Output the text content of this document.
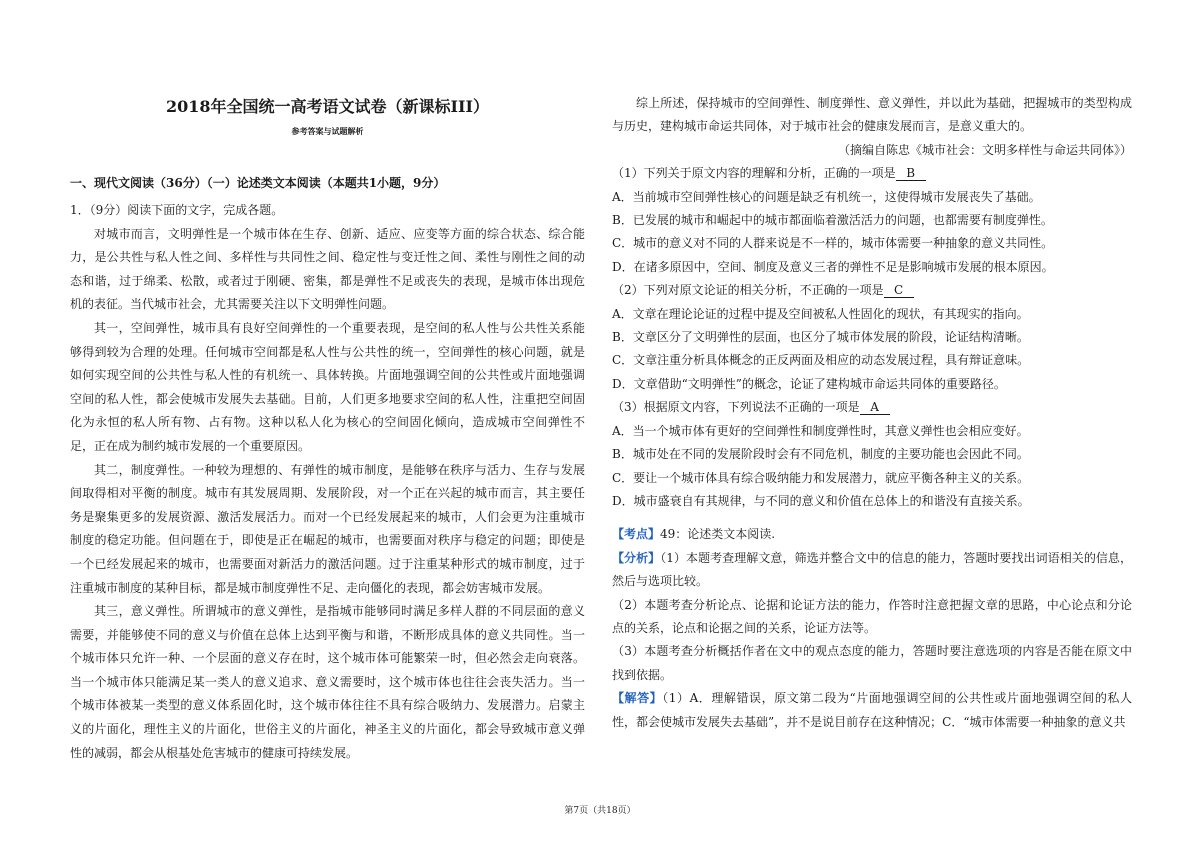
2018年全国统一高考语文试卷（新课标III）
参考答案与试题解析
一、现代文阅读（36分）（一）论述类文本阅读（本题共1小题，9分）

1．（9分）阅读下面的文字，完成各题。

对城市而言，文明弹性是一个城市体在生存、创新、适应、应变等方面的综合状态、综合能力，是公共性与私人性之间、多样性与共同性之间、稳定性与变迁性之间、柔性与刚性之间的动态和谐，过于绵柔、松散，或者过于刚硬、密集，都是弹性不足或丧失的表现，是城市体出现危机的表征。当代城市社会，尤其需要关注以下文明弹性问题。

其一，空间弹性，城市具有良好空间弹性的一个重要表现，是空间的私人性与公共性关系能够得到较为合理的处理。任何城市空间都是私人性与公共性的统一，空间弹性的核心问题，就是如何实现空间的公共性与私人性的有机统一、具体转换。片面地强调空间的公共性或片面地强调空间的私人性，都会使城市发展失去基础。目前，人们更多地要求空间的私人性，注重把空间固化为永恒的私人所有物、占有物。这种以私人化为核心的空间固化倾向，造成城市空间弹性不足，正在成为制约城市发展的一个重要原因。

其二，制度弹性。一种较为理想的、有弹性的城市制度，是能够在秩序与活力、生存与发展间取得相对平衡的制度。城市有其发展周期、发展阶段，对一个正在兴起的城市而言，其主要任务是聚集更多的发展资源、激活发展活力。而对一个已经发展起来的城市，人们会更为注重城市制度的稳定功能。但问题在于，即使是正在崛起的城市，也需要面对秩序与稳定的问题；即使是一个已经发展起来的城市，也需要面对新活力的激活问题。过于注重某种形式的城市制度，过于注重城市制度的某种目标，都是城市制度弹性不足、走向僵化的表现，都会妨害城市发展。

其三，意义弹性。所谓城市的意义弹性，是指城市能够同时满足多样人群的不同层面的意义需要，并能够使不同的意义与价值在总体上达到平衡与和谐，不断形成具体的意义共同性。当一个城市体只允许一种、一个层面的意义存在时，这个城市体可能繁荣一时，但必然会走向衰落。当一个城市体只能满足某一类人的意义追求、意义需要时，这个城市体也往往会丧失活力。当一个城市体被某一类型的意义体系固化时，这个城市体往往不具有综合吸纳力、发展潜力。启蒙主义的片面化，理性主义的片面化，世俗主义的片面化，神圣主义的片面化，都会导致城市意义弹性的减弱，都会从根基处危害城市的健康可持续发展。

综上所述，保持城市的空间弹性、制度弹性、意义弹性，并以此为基础，把握城市的类型构成与历史，建构城市命运共同体，对于城市社会的健康发展而言，是意义重大的。

（摘编自陈忠《城市社会：文明多样性与命运共同体》）

（1）下列关于原文内容的理解和分析，正确的一项是 B

A．当前城市空间弹性核心的问题是缺乏有机统一，这使得城市发展丧失了基础。

B．已发展的城市和崛起中的城市都面临着激活活力的问题，也都需要有制度弹性。

C．城市的意义对不同的人群来说是不一样的，城市体需要一种抽象的意义共同性。

D．在诸多原因中，空间、制度及意义三者的弹性不足是影响城市发展的根本原因。

（2）下列对原文论证的相关分析，不正确的一项是 C

A．文章在理论论证的过程中提及空间被私人性固化的现状，有其现实的指向。

B．文章区分了文明弹性的层面，也区分了城市体发展的阶段，论证结构清晰。

C．文章注重分析具体概念的正反两面及相应的动态发展过程，具有辩证意味。

D．文章借助“文明弹性”的概念，论证了建构城市命运共同体的重要路径。

（3）根据原文内容，下列说法不正确的一项是 A

A．当一个城市体有更好的空间弹性和制度弹性时，其意义弹性也会相应变好。

B．城市处在不同的发展阶段时会有不同危机，制度的主要功能也会因此不同。

C．要让一个城市体具有综合吸纳能力和发展潜力，就应平衡各种主义的关系。

D．城市盛衰自有其规律，与不同的意义和价值在总体上的和谐没有直接关系。

【考点】49：论述类文本阅读.

【分析】（1）本题考查理解文意，筛选并整合文中的信息的能力，答题时要找出词语相关的信息，然后与选项比较。

（2）本题考查分析论点、论据和论证方法的能力，作答时注意把握文章的思路，中心论点和分论点的关系，论点和论据之间的关系，论证方法等。

（3）本题考查分析概括作者在文中的观点态度的能力，答题时要注意选项的内容是否能在原文中找到依据。

【解答】（1）A．理解错误，原文第二段为“片面地强调空间的公共性或片面地强调空间的私人性，都会使城市发展失去基础”，并不是说目前存在这种情况；C．“城市体需要一种抽象的意义共

第7页（共18页）
